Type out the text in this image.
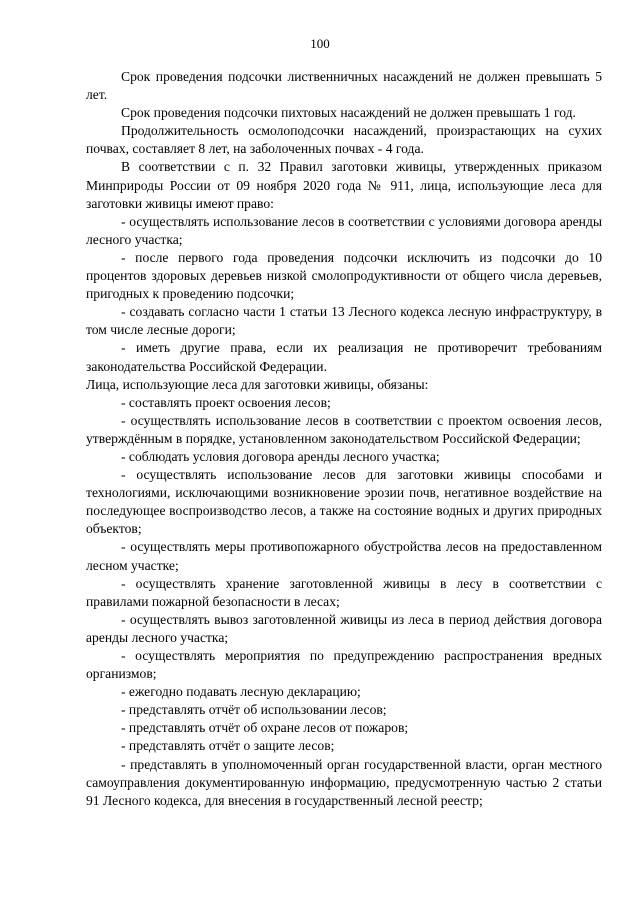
100

Срок проведения подсочки лиственничных насаждений не должен превышать 5 лет.

Срок проведения подсочки пихтовых насаждений не должен превышать 1 год.

Продолжительность осмолоподсочки насаждений, произрастающих на сухих почвах, составляет 8 лет, на заболоченных почвах - 4 года.

В соответствии с п. 32 Правил заготовки живицы, утвержденных приказом Минприроды России от 09 ноября 2020 года № 911, лица, использующие леса для заготовки живицы имеют право:

- осуществлять использование лесов в соответствии с условиями договора аренды лесного участка;

- после первого года проведения подсочки исключить из подсочки до 10 процентов здоровых деревьев низкой смолопродуктивности от общего числа деревьев, пригодных к проведению подсочки;

- создавать согласно части 1 статьи 13 Лесного кодекса лесную инфраструктуру, в том числе лесные дороги;

- иметь другие права, если их реализация не противоречит требованиям законодательства Российской Федерации.

Лица, использующие леса для заготовки живицы, обязаны:

- составлять проект освоения лесов;

- осуществлять использование лесов в соответствии с проектом освоения лесов, утверждённым в порядке, установленном законодательством Российской Федерации;

- соблюдать условия договора аренды лесного участка;

- осуществлять использование лесов для заготовки живицы способами и технологиями, исключающими возникновение эрозии почв, негативное воздействие на последующее воспроизводство лесов, а также на состояние водных и других природных объектов;

- осуществлять меры противопожарного обустройства лесов на предоставленном лесном участке;

- осуществлять хранение заготовленной живицы в лесу в соответствии с правилами пожарной безопасности в лесах;

- осуществлять вывоз заготовленной живицы из леса в период действия договора аренды лесного участка;

- осуществлять мероприятия по предупреждению распространения вредных организмов;

- ежегодно подавать лесную декларацию;

- представлять отчёт об использовании лесов;

- представлять отчёт об охране лесов от пожаров;

- представлять отчёт о защите лесов;

- представлять в уполномоченный орган государственной власти, орган местного самоуправления документированную информацию, предусмотренную частью 2 статьи 91 Лесного кодекса, для внесения в государственный лесной реестр;
